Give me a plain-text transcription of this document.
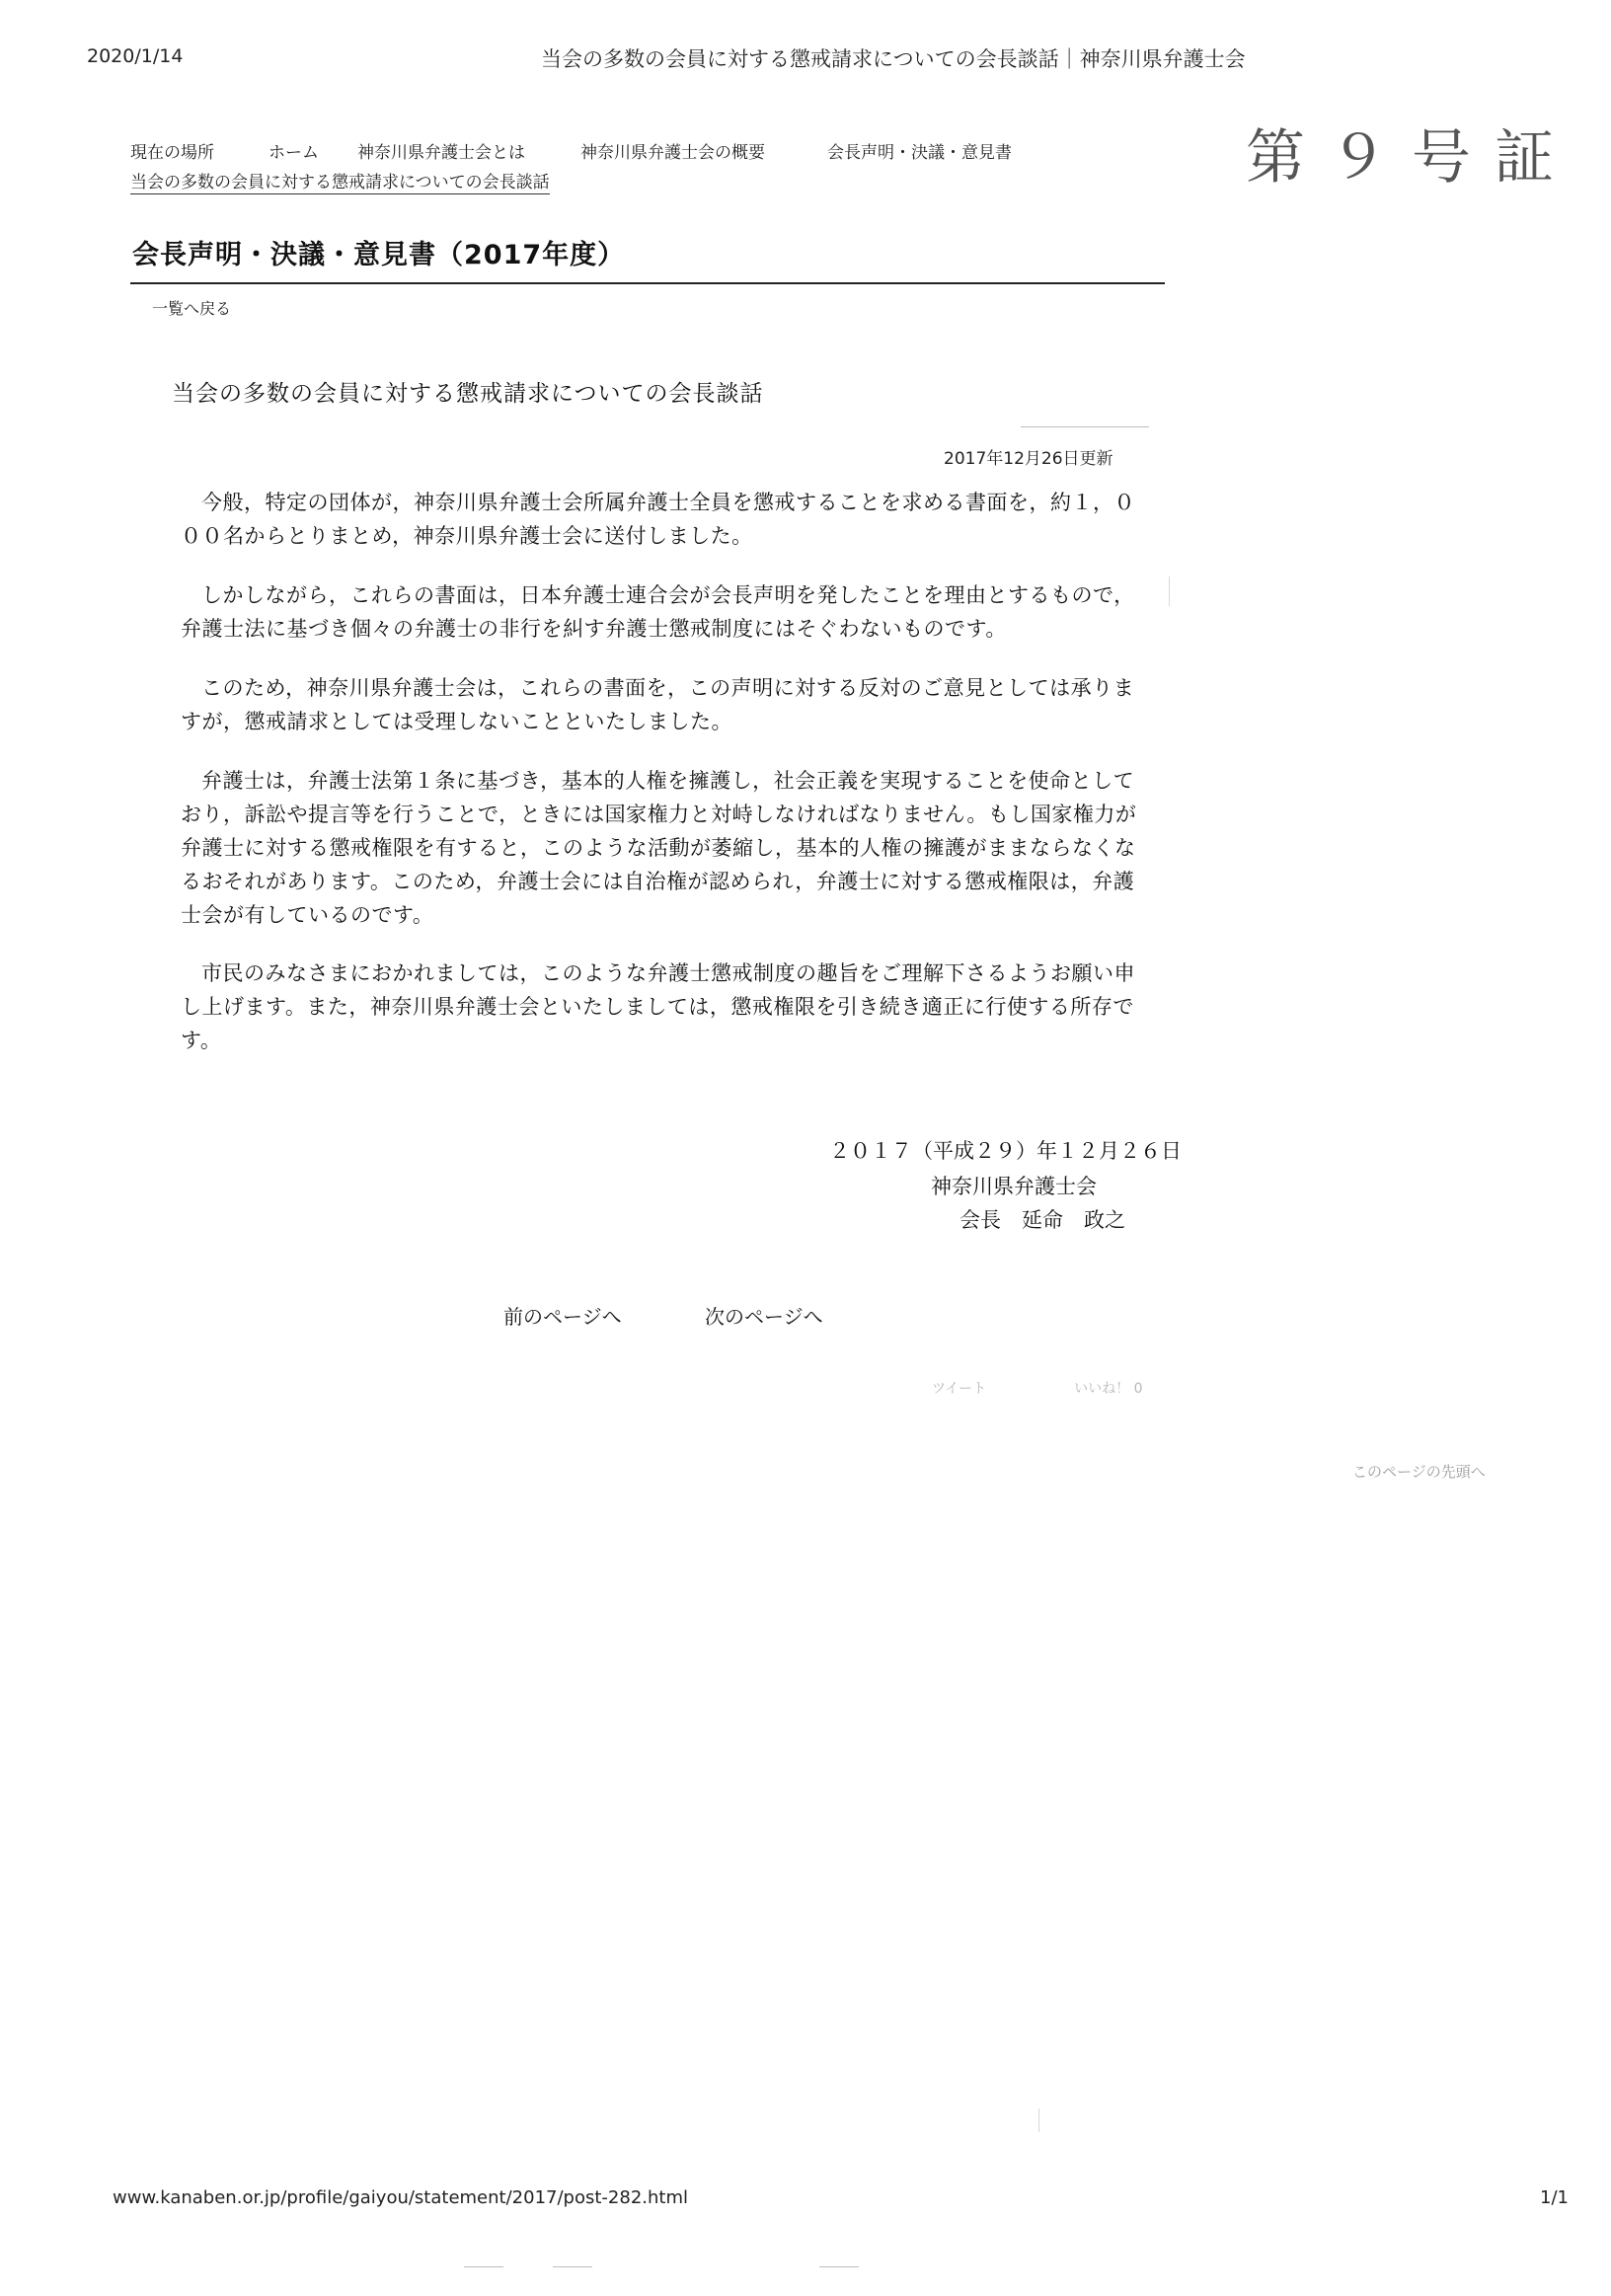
2020/1/14	当会の多数の会員に対する懲戒請求についての会長談話｜神奈川県弁護士会
第９号証
現在の場所	ホーム 神奈川県弁護士会とは	神奈川県弁護士会の概要	会長声明・決議・意見書
当会の多数の会員に対する懲戒請求についての会長談話
会長声明・決議・意見書（2017年度）
一覧へ戻る
当会の多数の会員に対する懲戒請求についての会長談話
2017年12月26日更新

今般，特定の団体が，神奈川県弁護士会所属弁護士全員を懲戒することを求める書面を，約１，０００名からとりまとめ，神奈川県弁護士会に送付しました。

しかしながら，これらの書面は，日本弁護士連合会が会長声明を発したことを理由とするもので，弁護士法に基づき個々の弁護士の非行を糾す弁護士懲戒制度にはそぐわないものです。

このため，神奈川県弁護士会は，これらの書面を，この声明に対する反対のご意見としては承りますが，懲戒請求としては受理しないことといたしました。

弁護士は，弁護士法第１条に基づき，基本的人権を擁護し，社会正義を実現することを使命としており，訴訟や提言等を行うことで，ときには国家権力と対峙しなければなりません。もし国家権力が弁護士に対する懲戒権限を有すると，このような活動が萎縮し，基本的人権の擁護がままならなくなるおそれがあります。このため，弁護士会には自治権が認められ，弁護士に対する懲戒権限は，弁護士会が有しているのです。

市民のみなさまにおかれましては，このような弁護士懲戒制度の趣旨をご理解下さるようお願い申し上げます。また，神奈川県弁護士会といたしましては，懲戒権限を引き続き適正に行使する所存です。

２０１７（平成２９）年１２月２６日
神奈川県弁護士会
会長　延命　政之
前のページへ	次のページへ
ツイート	いいね！ 0
このページの先頭へ
www.kanaben.or.jp/profile/gaiyou/statement/2017/post-282.html	1/1
